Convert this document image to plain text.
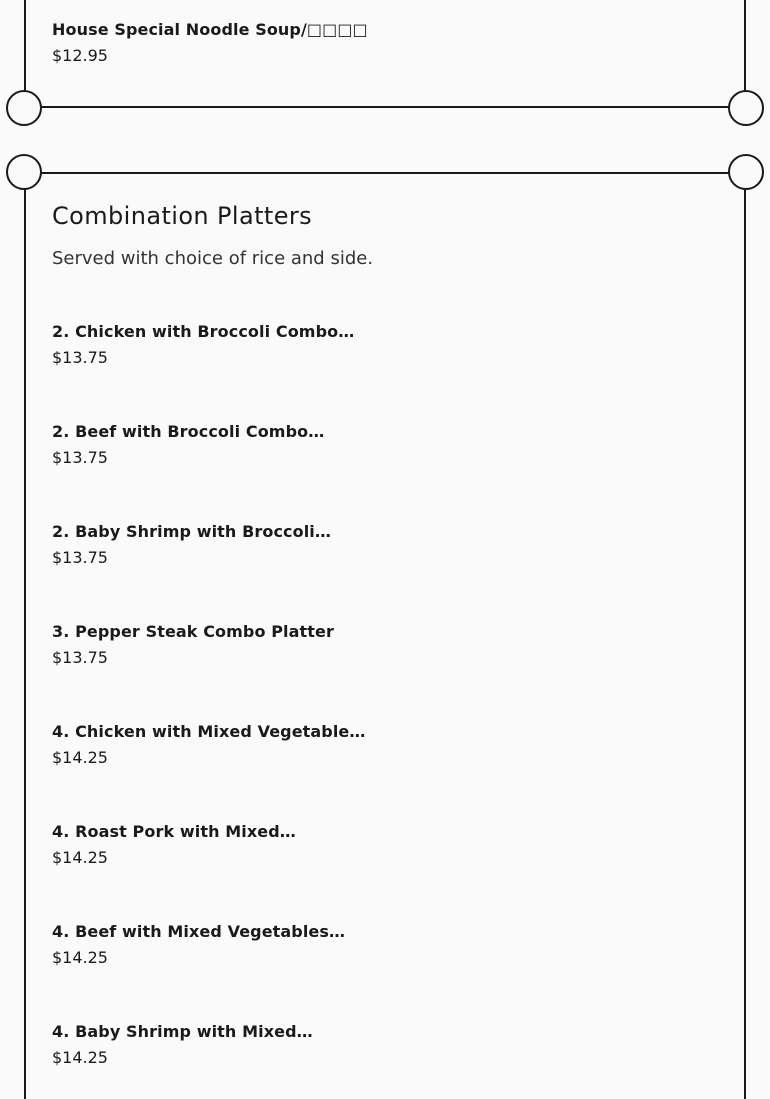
House Special Noodle Soup/□□□□
$12.95
Combination Platters

Served with choice of rice and side.

2. Chicken with Broccoli Combo…
$13.75
2. Beef with Broccoli Combo…
$13.75
2. Baby Shrimp with Broccoli…
$13.75
3. Pepper Steak Combo Platter
$13.75
4. Chicken with Mixed Vegetable…
$14.25
4. Roast Pork with Mixed…
$14.25
4. Beef with Mixed Vegetables…
$14.25
4. Baby Shrimp with Mixed…
$14.25
